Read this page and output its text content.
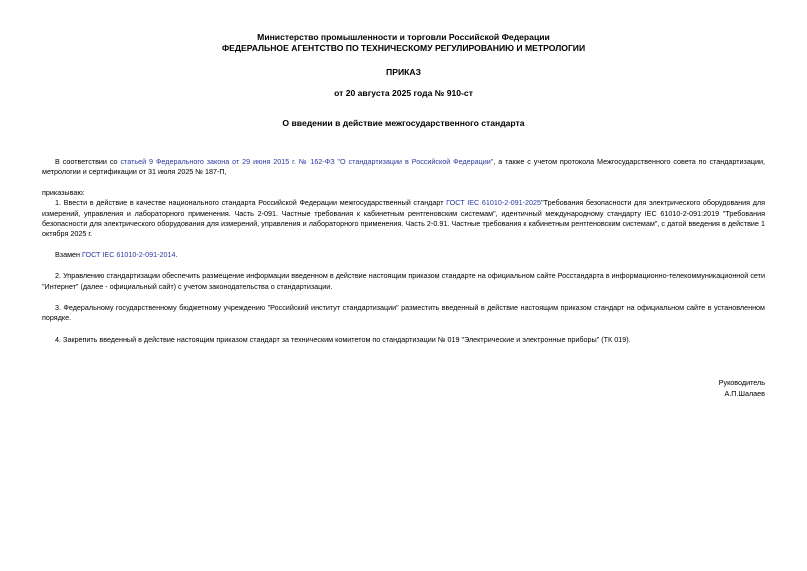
Министерство промышленности и торговли Российской Федерации
ФЕДЕРАЛЬНОЕ АГЕНТСТВО ПО ТЕХНИЧЕСКОМУ РЕГУЛИРОВАНИЮ И МЕТРОЛОГИИ
ПРИКАЗ
от 20 августа 2025 года № 910-ст
О введении в действие межгосударственного стандарта

В соответствии со статьей 9 Федерального закона от 29 июня 2015 г. № 162-ФЗ "О стандартизации в Российской Федерации", а также с учетом протокола Межгосударственного совета по стандартизации, метрологии и сертификации от 31 июля 2025 № 187-П,

приказываю:

1. Ввести в действие в качестве национального стандарта Российской Федерации межгосударственный стандарт ГОСТ IEC 61010-2-091-2025"Требования безопасности для электрического оборудования для измерений, управления и лабораторного применения. Часть 2-091. Частные требования к кабинетным рентгеновским системам", идентичный международному стандарту IEC 61010-2-091:2019 "Требования безопасности для электрического оборудования для измерений, управления и лабораторного применения. Часть 2-0.91. Частные требования к кабинетным рентгеновским системам", с датой введения в действие 1 октября 2025 г.

Взамен ГОСТ IEC 61010-2-091-2014.

2. Управлению стандартизации обеспечить размещение информации введенном в действие настоящим приказом стандарте на официальном сайте Росстандарта в информационно-телекоммуникационной сети "Интернет" (далее - официальный сайт) с учетом законодательства о стандартизации.

3. Федеральному государственному бюджетному учреждению "Российский институт стандартизации" разместить введенный в действие настоящим приказом стандарт на официальном сайте в установленном порядке.

4. Закрепить введенный в действие настоящим приказом стандарт за техническим комитетом по стандартизации № 019 "Электрические и электронные приборы" (ТК 019).

Руководитель
А.П.Шалаев
